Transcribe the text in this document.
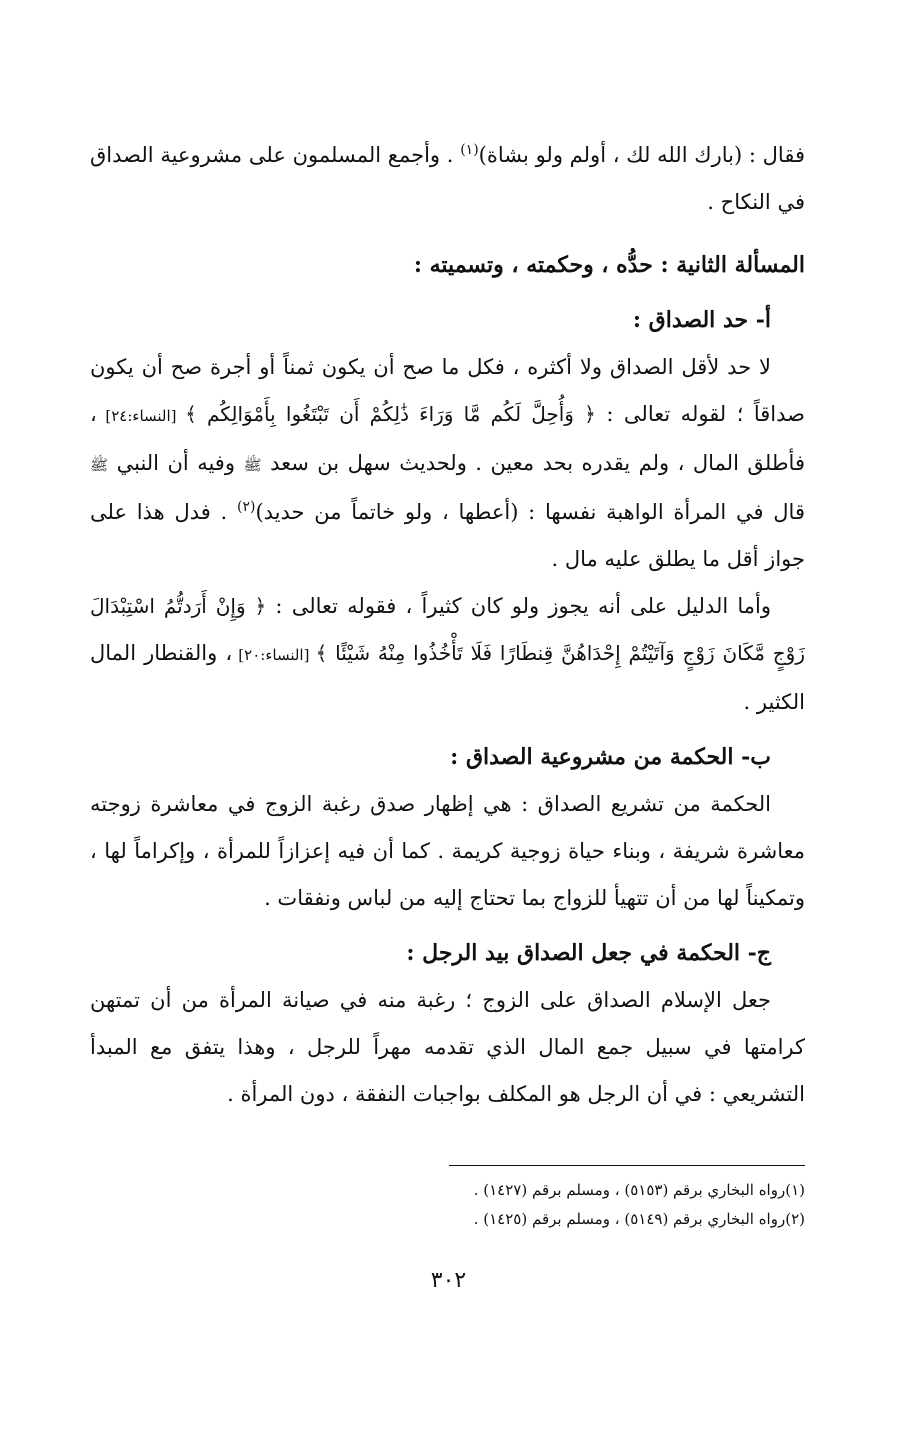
فقال : (بارك الله لك ، أولم ولو بشاة)$^{(١)}$ . وأجمع المسلمون على مشروعية الصداق في النكاح .

المسألة الثانية : حدُّه ، وحكمته ، وتسميته :
أ- حد الصداق :

لا حد لأقل الصداق ولا أكثره ، فكل ما صح أن يكون ثمناً أو أجرة صح أن يكون صداقاً ؛ لقوله تعالى : ﴿ وَأُحِلَّ لَكُم مَّا وَرَاءَ ذَٰلِكُمْ أَن تَبْتَغُوا بِأَمْوَالِكُم ﴾ [النساء:٢٤] ، فأطلق المال ، ولم يقدره بحد معين . ولحديث سهل بن سعد ﷺ وفيه أن النبي ﷺ قال في المرأة الواهبة نفسها : (أعطها ، ولو خاتماً من حديد)$^{(٢)}$ . فدل هذا على جواز أقل ما يطلق عليه مال .

وأما الدليل على أنه يجوز ولو كان كثيراً ، فقوله تعالى : ﴿ وَإِنْ أَرَدتُّمُ اسْتِبْدَالَ زَوْجٍ مَّكَانَ زَوْجٍ وَآتَيْتُمْ إِحْدَاهُنَّ قِنطَارًا فَلَا تَأْخُذُوا مِنْهُ شَيْئًا ﴾ [النساء:٢٠] ، والقنطار المال الكثير .

ب- الحكمة من مشروعية الصداق :

الحكمة من تشريع الصداق : هي إظهار صدق رغبة الزوج في معاشرة زوجته معاشرة شريفة ، وبناء حياة زوجية كريمة . كما أن فيه إعزازاً للمرأة ، وإكراماً لها ، وتمكيناً لها من أن تتهيأ للزواج بما تحتاج إليه من لباس ونفقات .

ج- الحكمة في جعل الصداق بيد الرجل :

جعل الإسلام الصداق على الزوج ؛ رغبة منه في صيانة المرأة من أن تمتهن كرامتها في سبيل جمع المال الذي تقدمه مهراً للرجل ، وهذا يتفق مع المبدأ التشريعي : في أن الرجل هو المكلف بواجبات النفقة ، دون المرأة .

(١)رواه البخاري برقم (٥١٥٣) ، ومسلم برقم (١٤٢٧) .
(٢)رواه البخاري برقم (٥١٤٩) ، ومسلم برقم (١٤٢٥) .
٣٠٢
